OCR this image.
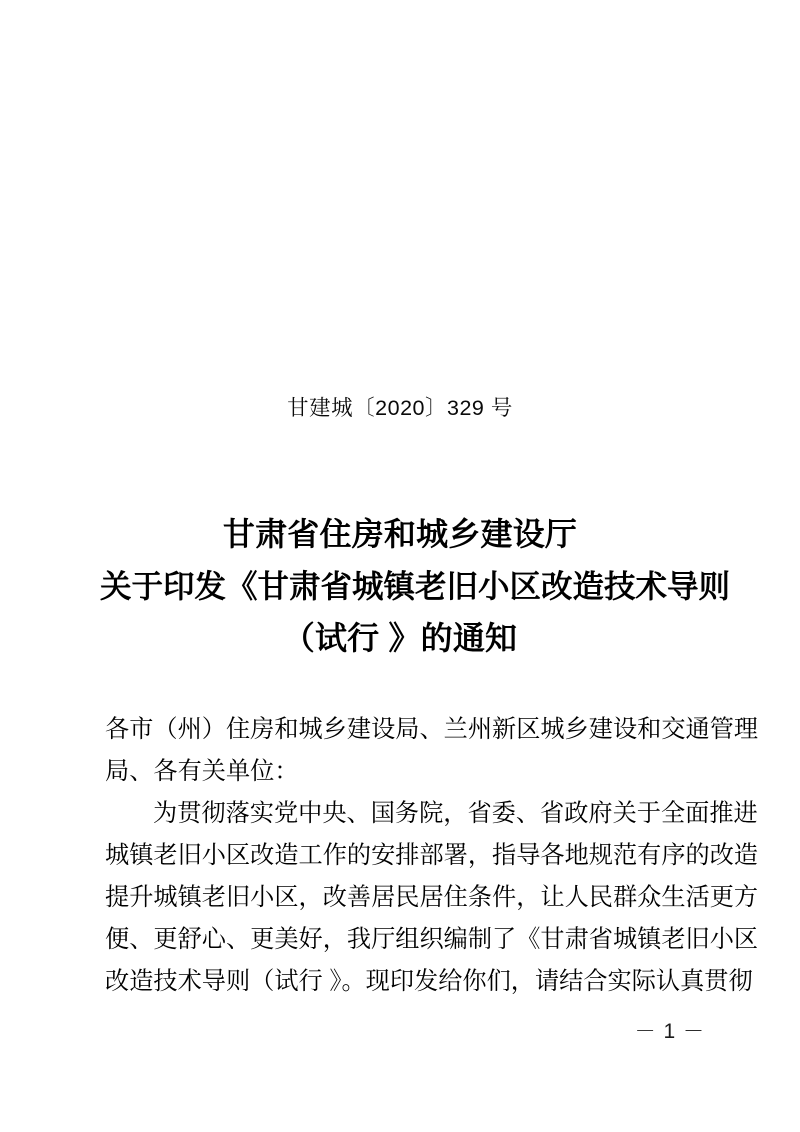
甘建城〔2020〕329 号
甘肃省住房和城乡建设厅
关于印发《甘肃省城镇老旧小区改造技术导则
（试行 》的通知
各市（州）住房和城乡建设局、兰州新区城乡建设和交通管理
局、各有关单位：
为贯彻落实党中央、国务院，省委、省政府关于全面推进
城镇老旧小区改造工作的安排部署，指导各地规范有序的改造
提升城镇老旧小区，改善居民居住条件，让人民群众生活更方
便、更舒心、更美好，我厅组织编制了《甘肃省城镇老旧小区
改造技术导则（试行 》。现印发给你们，请结合实际认真贯彻
－ 1 －
